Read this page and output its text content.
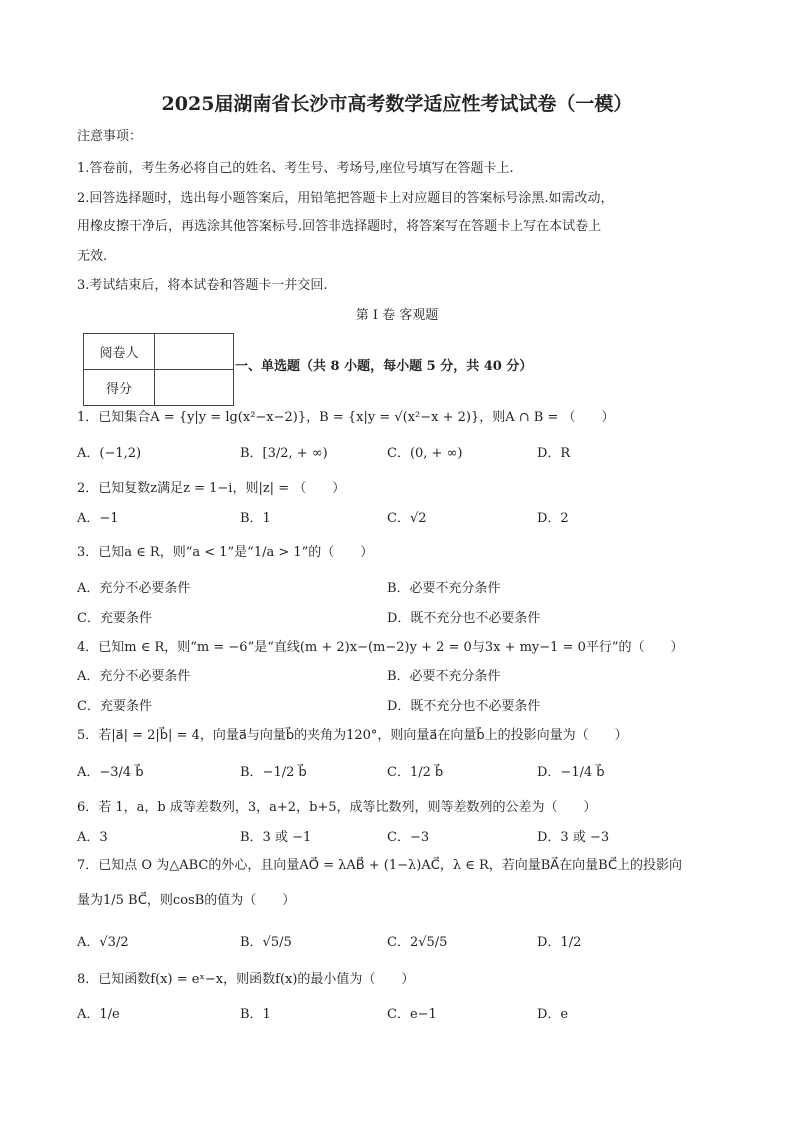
2025届湖南省长沙市高考数学适应性考试试卷（一模）
注意事项：
1.答卷前，考生务必将自己的姓名、考生号、考场号,座位号填写在答题卡上.
2.回答选择题时，选出每小题答案后，用铅笔把答题卡上对应题目的答案标号涂黑.如需改动，
用橡皮擦干净后，再选涂其他答案标号.回答非选择题时，将答案写在答题卡上写在本试卷上
无效.
3.考试结束后，将本试卷和答题卡一并交回.
第 I 卷 客观题
阅卷人	
得分	
一、单选题（共 8 小题，每小题 5 分，共 40 分）
1．已知集合A = {y|y = lg(x²−x−2)}，B = {x|y = √(x²−x + 2)}，则A ∩ B = （　　）
A．(−1,2)	B．[3/2, + ∞)	C．(0, + ∞)	D．R
2．已知复数z满足z = 1−i，则|z| = （　　）
A．−1	B．1	C．√2	D．2
3．已知a ∈ R，则“a < 1”是“1/a > 1”的（　　）
A．充分不必要条件	B．必要不充分条件
C．充要条件	D．既不充分也不必要条件
4．已知m ∈ R，则“m = −6”是“直线(m + 2)x−(m−2)y + 2 = 0与3x + my−1 = 0平行”的（　　）
A．充分不必要条件	B．必要不充分条件
C．充要条件	D．既不充分也不必要条件
5．若|a⃗| = 2|b⃗| = 4，向量a⃗与向量b⃗的夹角为120°，则向量a⃗在向量b⃗上的投影向量为（　　）
A．−3/4 b⃗	B．−1/2 b⃗	C．1/2 b⃗	D．−1/4 b⃗
6．若 1，a，b 成等差数列，3，a+2，b+5，成等比数列，则等差数列的公差为（　　）
A．3	B．3 或 −1	C．−3	D．3 或 −3
7．已知点 O 为△ABC的外心，且向量AO⃗ = λAB⃗ + (1−λ)AC⃗，λ ∈ R，若向量BA⃗在向量BC⃗上的投影向
量为1/5 BC⃗，则cosB的值为（　　）
A．√3/2	B．√5/5	C．2√5/5	D．1/2
8．已知函数f(x) = eˣ−x，则函数f(x)的最小值为（　　）
A．1/e	B．1	C．e−1	D．e
